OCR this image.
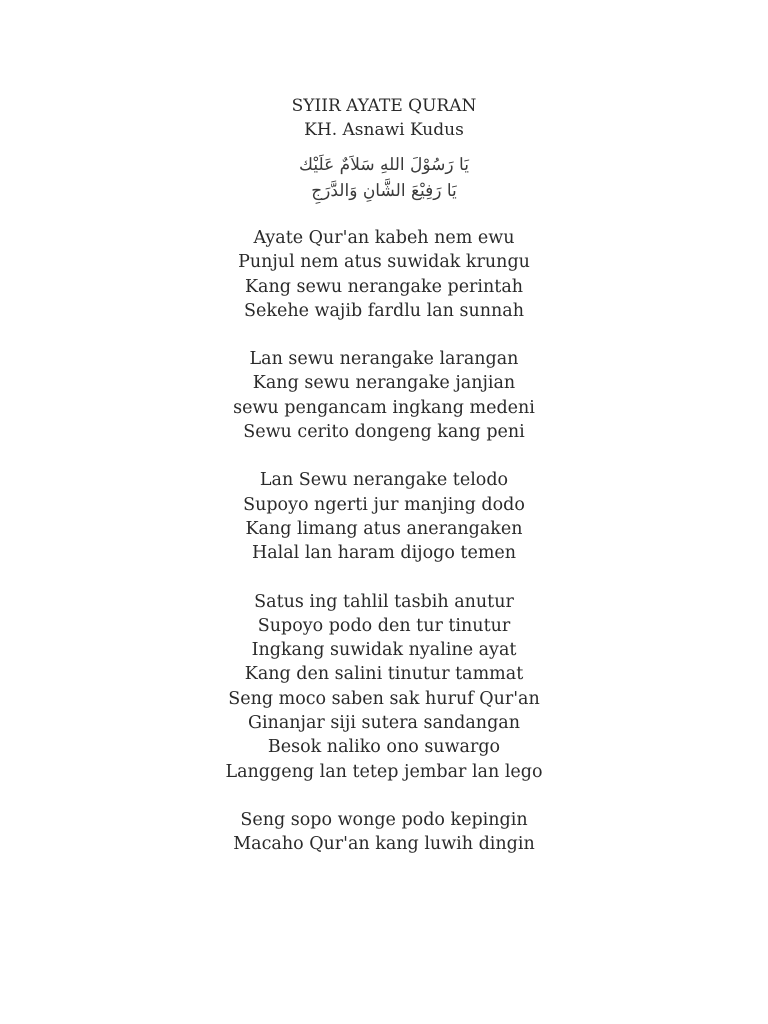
SYIIR AYATE QURAN
KH. Asnawi Kudus
يَا رَسُوْلَ اللهِ سَلاَمٌ عَلَيْك
يَا رَفِيْعَ الشَّانِ وَالدَّرَجِ
Ayate Qur'an kabeh nem ewu
Punjul nem atus suwidak krungu
Kang sewu nerangake perintah
Sekehe wajib fardlu lan sunnah
Lan sewu nerangake larangan
Kang sewu nerangake janjian
sewu pengancam ingkang medeni
Sewu cerito dongeng kang peni
Lan Sewu nerangake telodo
Supoyo ngerti jur manjing dodo
Kang limang atus anerangaken
Halal lan haram dijogo temen
Satus ing tahlil tasbih anutur
Supoyo podo den tur tinutur
Ingkang suwidak nyaline ayat
Kang den salini tinutur tammat
Seng moco saben sak huruf Qur'an
Ginanjar siji sutera sandangan
Besok naliko ono suwargo
Langgeng lan tetep jembar lan lego
Seng sopo wonge podo kepingin
Macaho Qur'an kang luwih dingin
